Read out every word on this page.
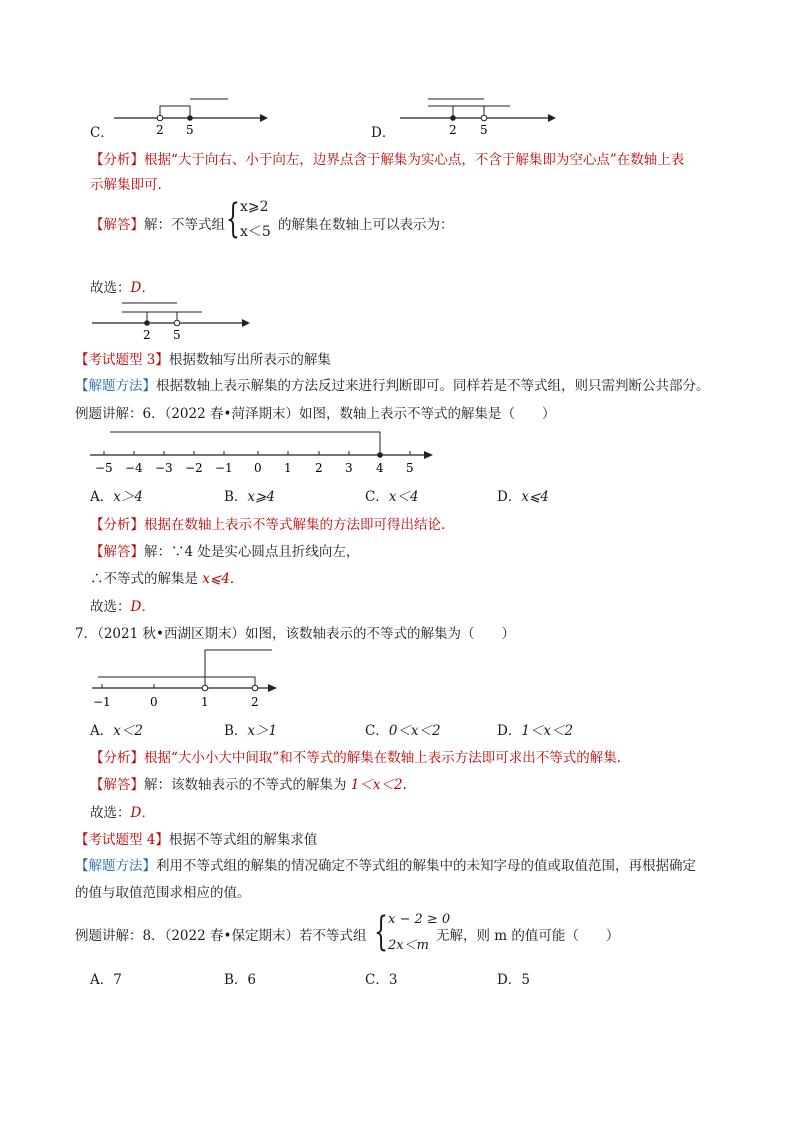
C．	2 5	D．	2 5
【分析】根据“大于向右、小于向左，边界点含于解集为实心点，不含于解集即为空心点”在数轴上表
示解集即可．
【解答】解：不等式组 { x⩾2
x＜5 的解集在数轴上可以表示为：
故选：D．
2 5
【考试题型 3】根据数轴写出所表示的解集
【解题方法】根据数轴上表示解集的方法反过来进行判断即可。同样若是不等式组，则只需判断公共部分。
例题讲解：6．（2022 春•菏泽期末）如图，数轴上表示不等式的解集是（　　）
−5 −4 −3 −2 −1 0 1 2 3 4 5
A．x＞4	B．x⩾4	C．x＜4	D．x⩽4
【分析】根据在数轴上表示不等式解集的方法即可得出结论．
【解答】解：∵4 处是实心圆点且折线向左，
∴不等式的解集是 x⩽4．
故选：D．
7．（2021 秋•西湖区期末）如图，该数轴表示的不等式的解集为（　　）
−1	0	1	2
A．x＜2	B．x＞1	C．0＜x＜2	D．1＜x＜2
【分析】根据“大小小大中间取”和不等式的解集在数轴上表示方法即可求出不等式的解集．
【解答】解：该数轴表示的不等式的解集为 1＜x＜2．
故选：D．
【考试题型 4】根据不等式组的解集求值
【解题方法】利用不等式组的解集的情况确定不等式组的解集中的未知字母的值或取值范围，再根据确定
的值与取值范围求相应的值。
例题讲解：8．（2022 春•保定期末）若不等式组 { x − 2 ≥ 0
2x＜m
无解，则 m 的值可能（　　）
A．7	B．6	C．3	D．5
